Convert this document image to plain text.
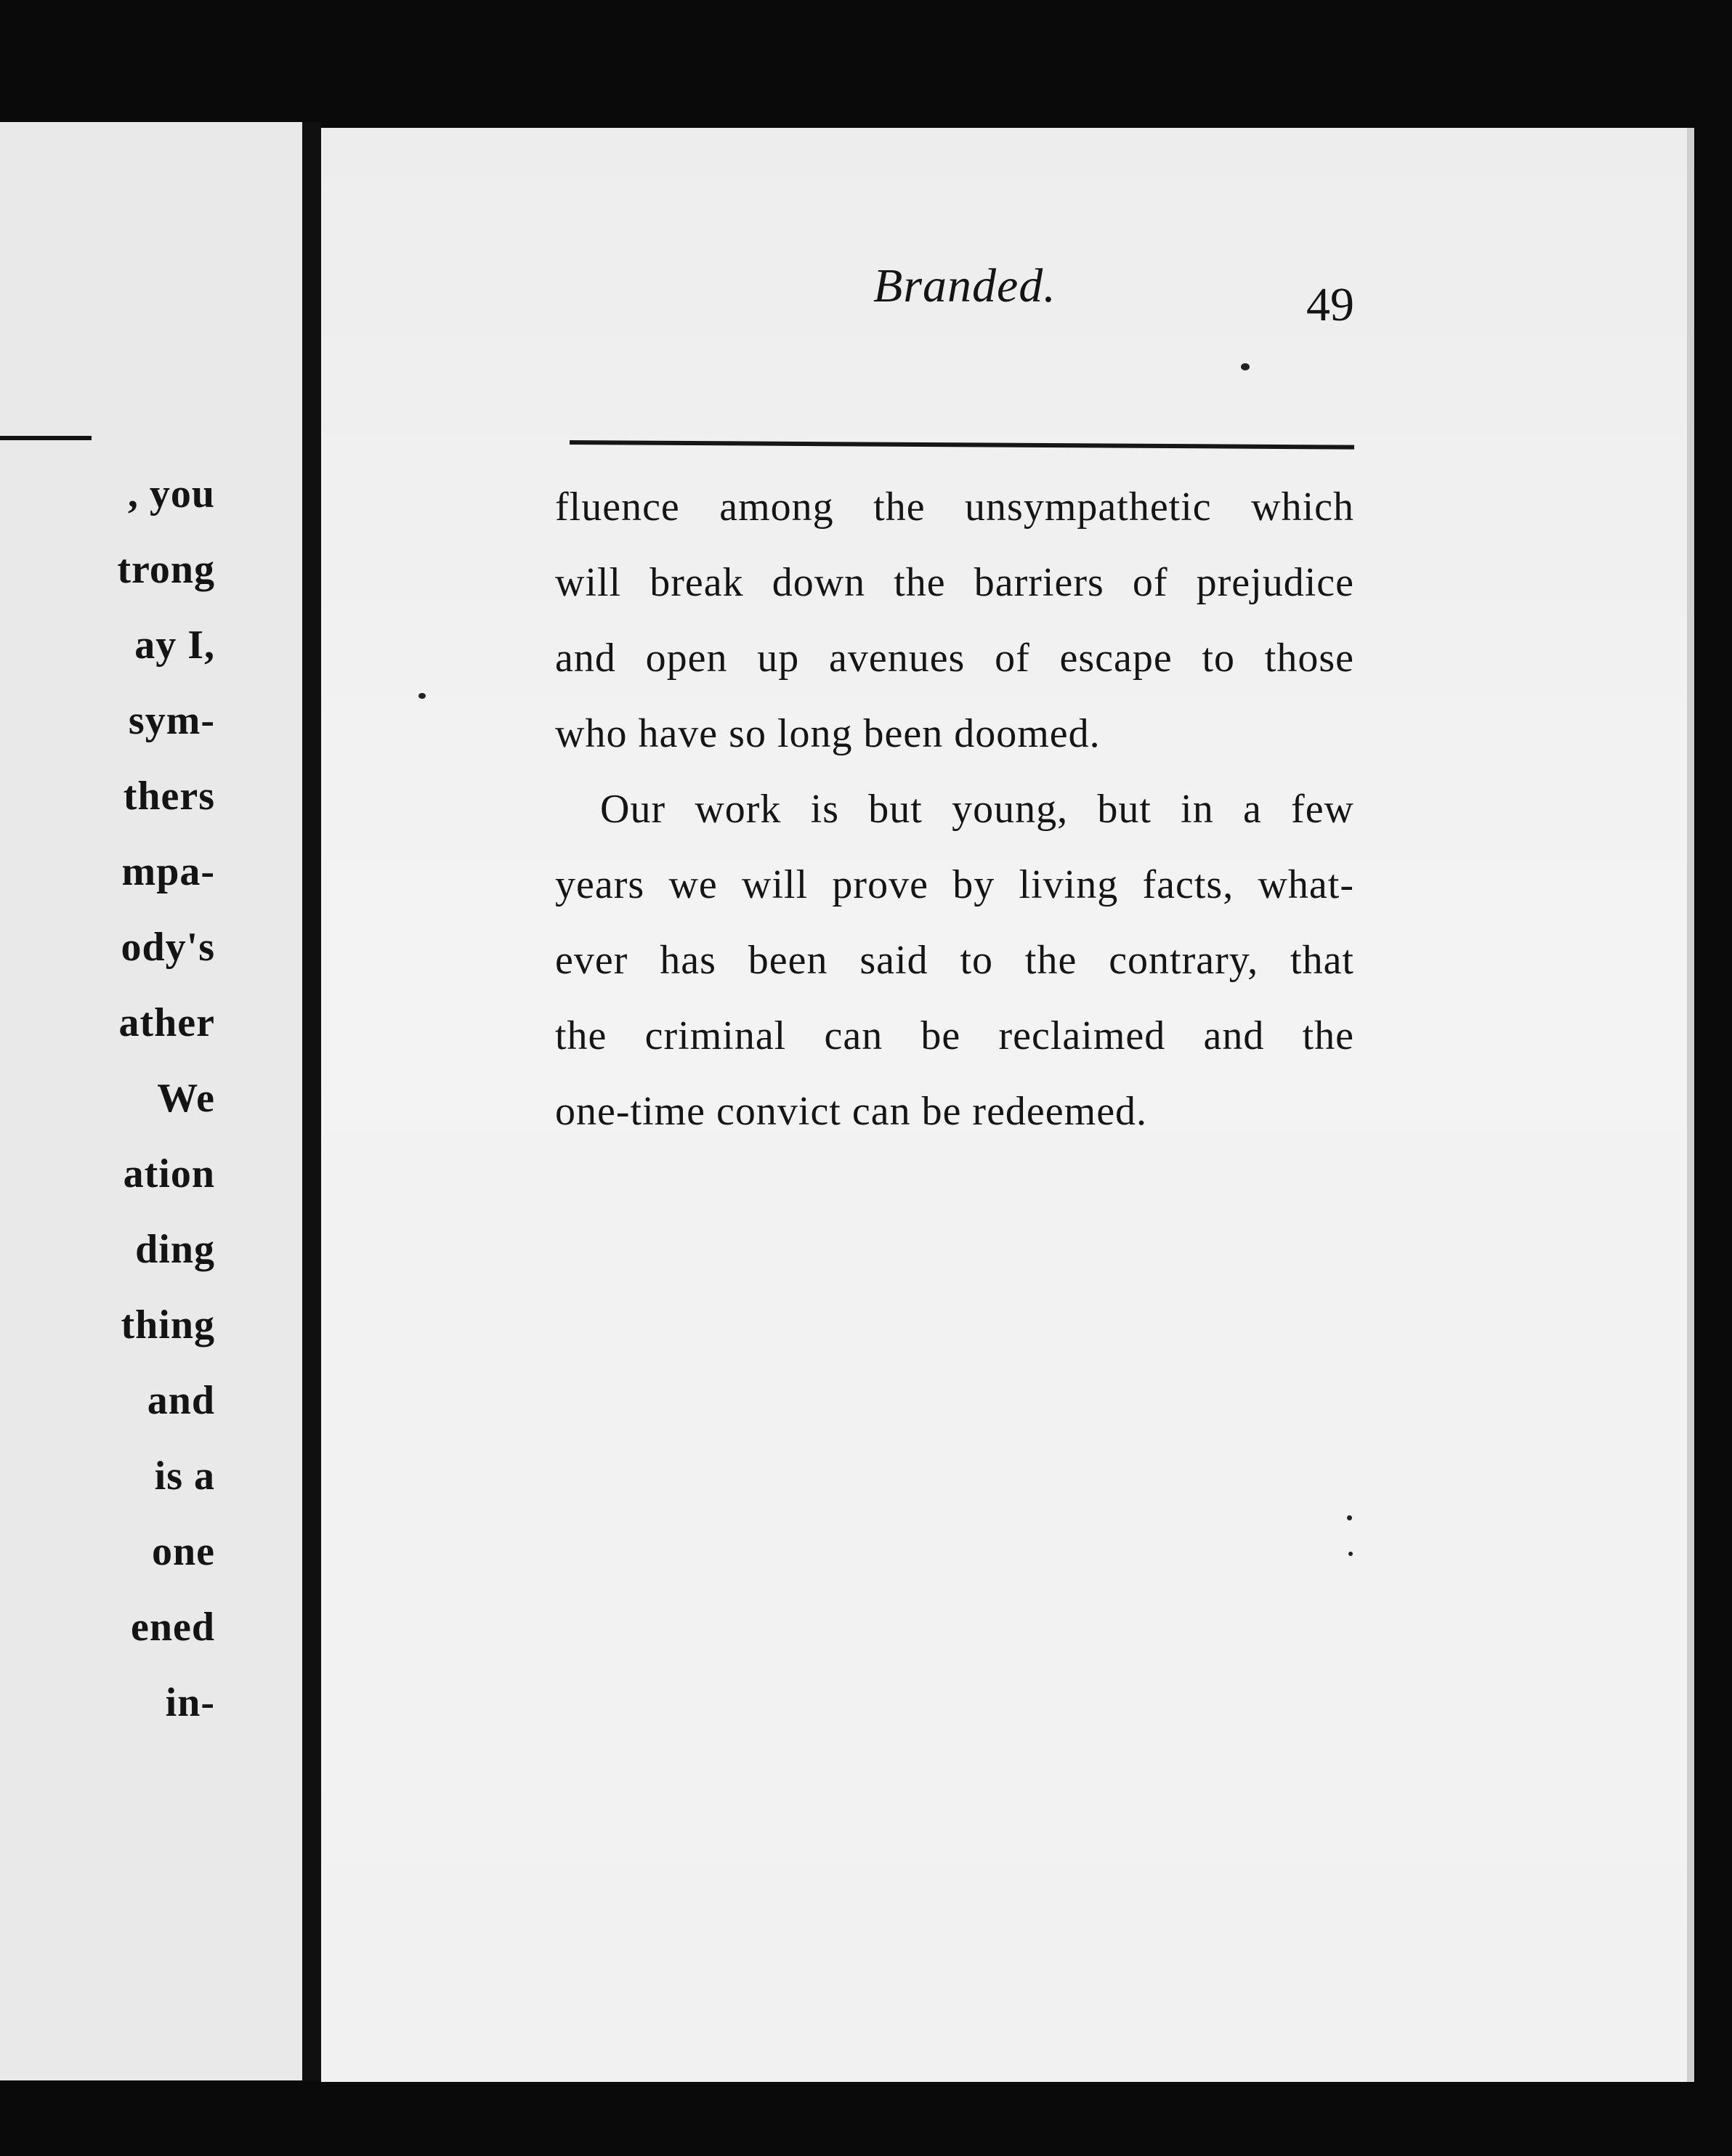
, you
trong
ay I,
sym-
thers
mpa-
ody's
ather
We
ation
ding
thing
and
is a
one
ened
in-
Branded.	49
fluence among the unsympathetic which
will break down the barriers of prejudice
and open up avenues of escape to those
who have so long been doomed.
Our work is but young, but in a few
years we will prove by living facts, what-
ever has been said to the contrary, that
the criminal can be reclaimed and the
one-time convict can be redeemed.
